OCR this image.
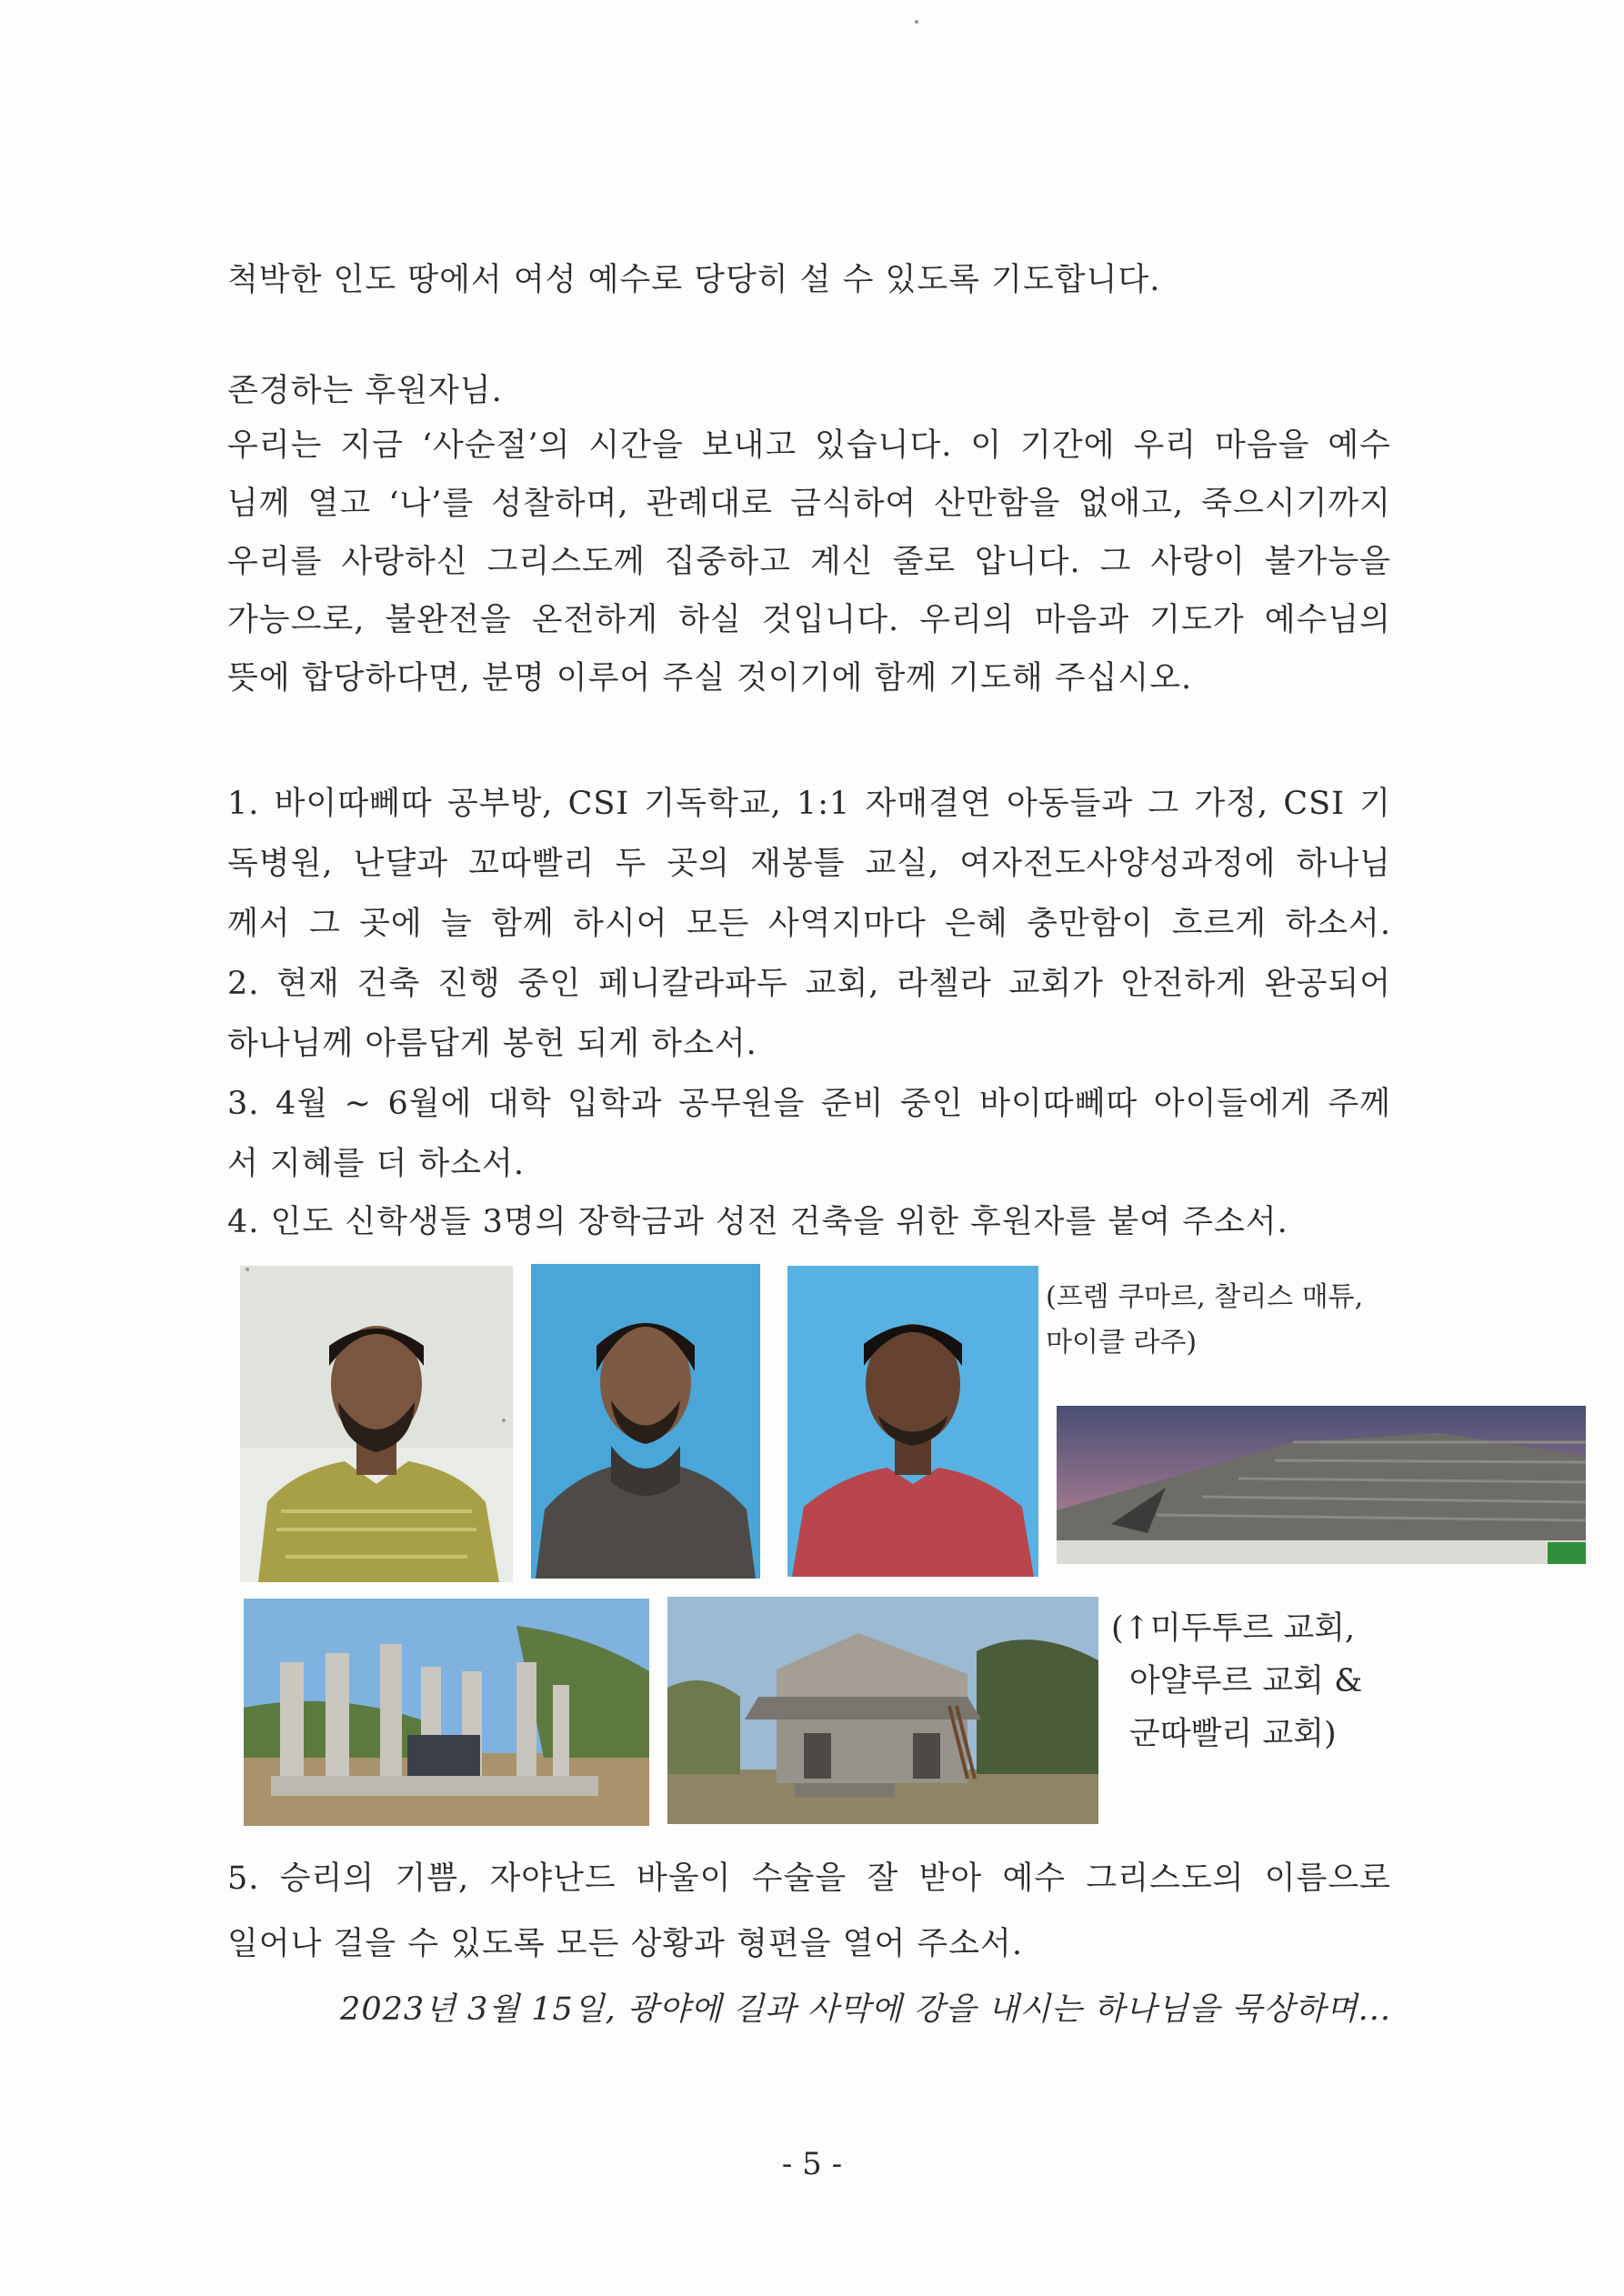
척박한 인도 땅에서 여성 예수로 당당히 설 수 있도록 기도합니다.
존경하는 후원자님.
우리는 지금 ‘사순절’의 시간을 보내고 있습니다. 이 기간에 우리 마음을 예수
님께 열고 ‘나’를 성찰하며, 관례대로 금식하여 산만함을 없애고, 죽으시기까지
우리를 사랑하신 그리스도께 집중하고 계신 줄로 압니다. 그 사랑이 불가능을
가능으로, 불완전을 온전하게 하실 것입니다. 우리의 마음과 기도가 예수님의
뜻에 합당하다면, 분명 이루어 주실 것이기에 함께 기도해 주십시오.
1. 바이따뻬따 공부방, CSI 기독학교, 1:1 자매결연 아동들과 그 가정, CSI 기
독병원, 난댤과 꼬따빨리 두 곳의 재봉틀 교실, 여자전도사양성과정에 하나님
께서 그 곳에 늘 함께 하시어 모든 사역지마다 은혜 충만함이 흐르게 하소서.
2. 현재 건축 진행 중인 페니칼라파두 교회, 라첼라 교회가 안전하게 완공되어
하나님께 아름답게 봉헌 되게 하소서.
3. 4월 ~ 6월에 대학 입학과 공무원을 준비 중인 바이따뻬따 아이들에게 주께
서 지혜를 더 하소서.
4. 인도 신학생들 3명의 장학금과 성전 건축을 위한 후원자를 붙여 주소서.
(프렘 쿠마르, 찰리스 매튜,
마이클 라주)
(↑미두투르 교회,
아얄루르 교회 &
군따빨리 교회)
5. 승리의 기쁨, 자야난드 바울이 수술을 잘 받아 예수 그리스도의 이름으로
일어나 걸을 수 있도록 모든 상황과 형편을 열어 주소서.
2023년 3월 15일, 광야에 길과 사막에 강을 내시는 하나님을 묵상하며...
- 5 -
